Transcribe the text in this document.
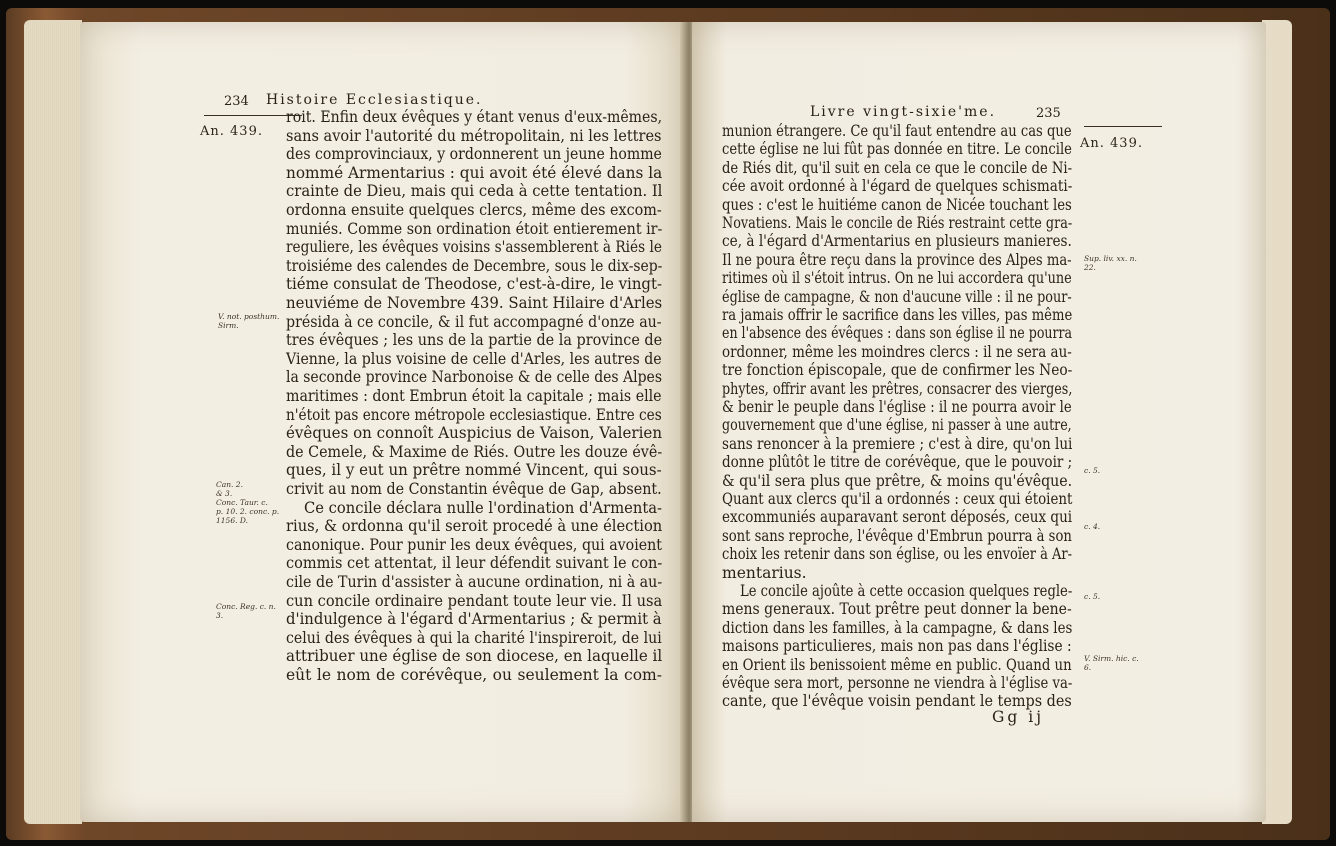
234 Histoire Ecclesiastique.
An. 439.
roit. Enfin deux évêques y étant venus d'eux-mêmes,
sans avoir l'autorité du métropolitain, ni les lettres
des comprovinciaux, y ordonnerent un jeune homme
nommé Armentarius : qui avoit été élevé dans la
crainte de Dieu, mais qui ceda à cette tentation. Il
ordonna ensuite quelques clercs, même des excom-
muniés. Comme son ordination étoit entierement ir-
reguliere, les évêques voisins s'assemblerent à Riés le
troisiéme des calendes de Decembre, sous le dix-sep-
tiéme consulat de Theodose, c'est-à-dire, le vingt-
neuviéme de Novembre 439. Saint Hilaire d'Arles
présida à ce concile, & il fut accompagné d'onze au-
tres évêques ; les uns de la partie de la province de
Vienne, la plus voisine de celle d'Arles, les autres de
la seconde province Narbonoise & de celle des Alpes
maritimes : dont Embrun étoit la capitale ; mais elle
n'étoit pas encore métropole ecclesiastique. Entre ces
évêques on connoît Auspicius de Vaison, Valerien
de Cemele, & Maxime de Riés. Outre les douze évê-
ques, il y eut un prêtre nommé Vincent, qui sous-
crivit au nom de Constantin évêque de Gap, absent.
Ce concile déclara nulle l'ordination d'Armenta-
rius, & ordonna qu'il seroit procedé à une élection
canonique. Pour punir les deux évêques, qui avoient
commis cet attentat, il leur défendit suivant le con-
cile de Turin d'assister à aucune ordination, ni à au-
cun concile ordinaire pendant toute leur vie. Il usa
d'indulgence à l'égard d'Armentarius ; & permit à
celui des évêques à qui la charité l'inspireroit, de lui
attribuer une église de son diocese, en laquelle il
eût le nom de corévêque, ou seulement la com-
V. not. posthum.
Sirm.
Can. 2.
& 3.
Conc. Taur. c.
p. 10. 2. conc. p.
1156. D.
Conc. Reg. c. n.
3.
Livre vingt-sixie'me.	235
An. 439.
munion étrangere. Ce qu'il faut entendre au cas que
cette église ne lui fût pas donnée en titre. Le concile
de Riés dit, qu'il suit en cela ce que le concile de Ni-
cée avoit ordonné à l'égard de quelques schismati-
ques : c'est le huitiéme canon de Nicée touchant les
Novatiens. Mais le concile de Riés restraint cette gra-
ce, à l'égard d'Armentarius en plusieurs manieres.
Il ne poura être reçu dans la province des Alpes ma-
ritimes où il s'étoit intrus. On ne lui accordera qu'une
église de campagne, & non d'aucune ville : il ne pour-
ra jamais offrir le sacrifice dans les villes, pas même
en l'absence des évêques : dans son église il ne pourra
ordonner, même les moindres clercs : il ne sera au-
tre fonction épiscopale, que de confirmer les Neo-
phytes, offrir avant les prêtres, consacrer des vierges,
& benir le peuple dans l'église : il ne pourra avoir le
gouvernement que d'une église, ni passer à une autre,
sans renoncer à la premiere ; c'est à dire, qu'on lui
donne plûtôt le titre de corévêque, que le pouvoir ;
& qu'il sera plus que prêtre, & moins qu'évêque.
Quant aux clercs qu'il a ordonnés : ceux qui étoient
excommuniés auparavant seront déposés, ceux qui
sont sans reproche, l'évêque d'Embrun pourra à son
choix les retenir dans son église, ou les envoïer à Ar-
mentarius.
Le concile ajoûte à cette occasion quelques regle-
mens generaux. Tout prêtre peut donner la bene-
diction dans les familles, à la campagne, & dans les
maisons particulieres, mais non pas dans l'église :
en Orient ils benissoient même en public. Quand un
évêque sera mort, personne ne viendra à l'église va-
cante, que l'évêque voisin pendant le temps des
Sup. liv. xx. n.
22.
c. 5.
c. 4.
c. 5.
V. Sirm. hic. c.
6.
Gg ij
